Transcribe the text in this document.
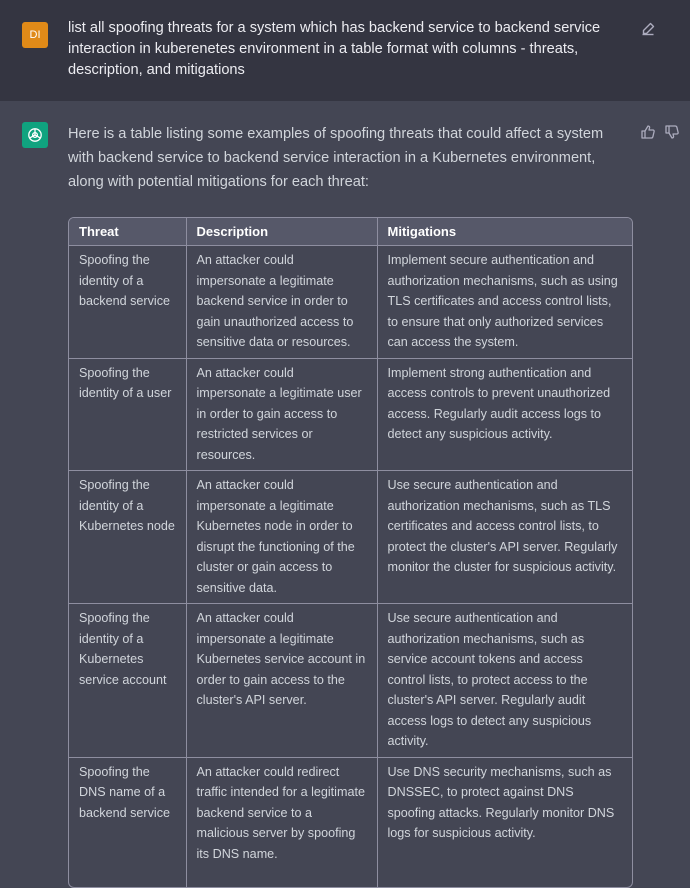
DI	list all spoofing threats for a system which has backend service to backend service interaction in kuberenetes environment in a table format with columns - threats, description, and mitigations
Here is a table listing some examples of spoofing threats that could affect a system with backend service to backend service interaction in a Kubernetes environment, along with potential mitigations for each threat:
Threat	Description	Mitigations
Spoofing the identity of a backend service	An attacker could impersonate a legitimate backend service in order to gain unauthorized access to sensitive data or resources.	Implement secure authentication and authorization mechanisms, such as using TLS certificates and access control lists, to ensure that only authorized services can access the system.
Spoofing the identity of a user	An attacker could impersonate a legitimate user in order to gain access to restricted services or resources.	Implement strong authentication and access controls to prevent unauthorized access. Regularly audit access logs to detect any suspicious activity.
Spoofing the identity of a Kubernetes node	An attacker could impersonate a legitimate Kubernetes node in order to disrupt the functioning of the cluster or gain access to sensitive data.	Use secure authentication and authorization mechanisms, such as TLS certificates and access control lists, to protect the cluster's API server. Regularly monitor the cluster for suspicious activity.
Spoofing the identity of a Kubernetes service account	An attacker could impersonate a legitimate Kubernetes service account in order to gain access to the cluster's API server.	Use secure authentication and authorization mechanisms, such as service account tokens and access control lists, to protect access to the cluster's API server. Regularly audit access logs to detect any suspicious activity.
Spoofing the DNS name of a backend service	An attacker could redirect traffic intended for a legitimate backend service to a malicious server by spoofing its DNS name.	Use DNS security mechanisms, such as DNSSEC, to protect against DNS spoofing attacks. Regularly monitor DNS logs for suspicious activity.
